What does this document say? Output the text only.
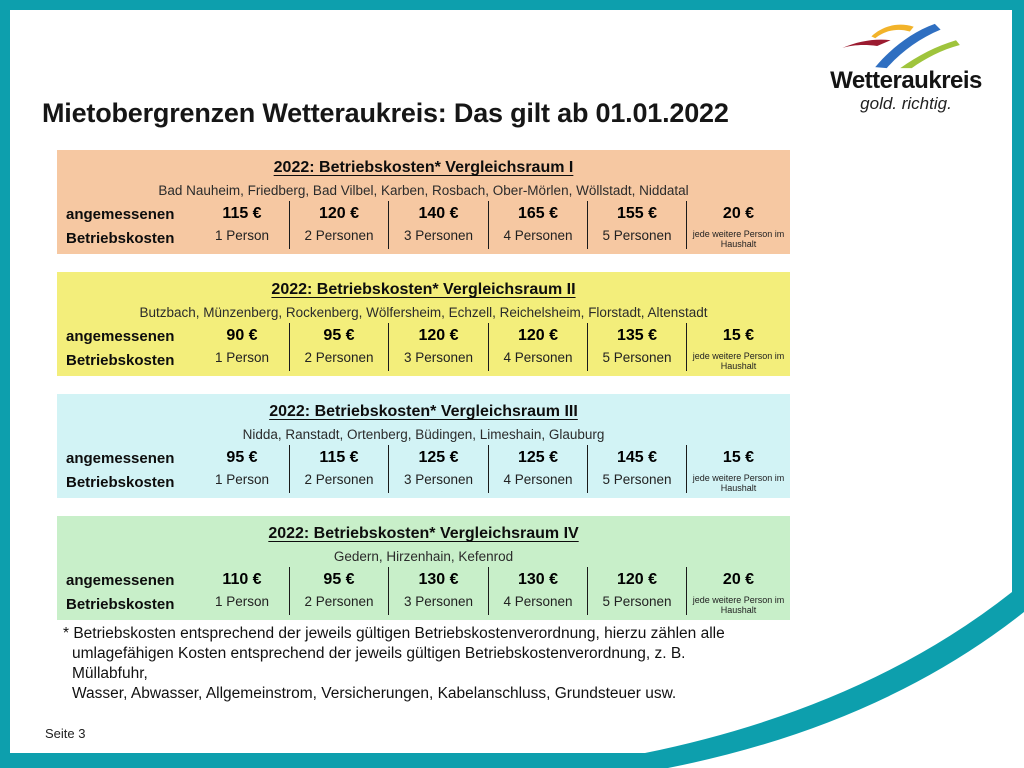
Wetteraukreis
gold. richtig.
Mietobergrenzen Wetteraukreis: Das gilt ab 01.01.2022
2022: Betriebskosten* Vergleichsraum I
Bad Nauheim, Friedberg, Bad Vilbel, Karben, Rosbach, Ober-Mörlen, Wöllstadt, Niddatal
angemessenen
Betriebskosten
115 €
1 Person
120 €
2 Personen
140 €
3 Personen
165 €
4 Personen
155 €
5 Personen
20 €
jede weitere Person im Haushalt
2022: Betriebskosten* Vergleichsraum II
Butzbach, Münzenberg, Rockenberg, Wölfersheim, Echzell, Reichelsheim, Florstadt, Altenstadt
angemessenen
Betriebskosten
90 €
1 Person
95 €
2 Personen
120 €
3 Personen
120 €
4 Personen
135 €
5 Personen
15 €
jede weitere Person im Haushalt
2022: Betriebskosten* Vergleichsraum III
Nidda, Ranstadt, Ortenberg, Büdingen, Limeshain, Glauburg
angemessenen
Betriebskosten
95 €
1 Person
115 €
2 Personen
125 €
3 Personen
125 €
4 Personen
145 €
5 Personen
15 €
jede weitere Person im Haushalt
2022: Betriebskosten* Vergleichsraum IV
Gedern, Hirzenhain, Kefenrod
angemessenen
Betriebskosten
110 €
1 Person
95 €
2 Personen
130 €
3 Personen
130 €
4 Personen
120 €
5 Personen
20 €
jede weitere Person im Haushalt
* Betriebskosten entsprechend der jeweils gültigen Betriebskostenverordnung, hierzu zählen alle
umlagefähigen Kosten entsprechend der jeweils gültigen Betriebskostenverordnung, z. B. Müllabfuhr,
Wasser, Abwasser, Allgemeinstrom, Versicherungen, Kabelanschluss, Grundsteuer usw.
Seite 3
